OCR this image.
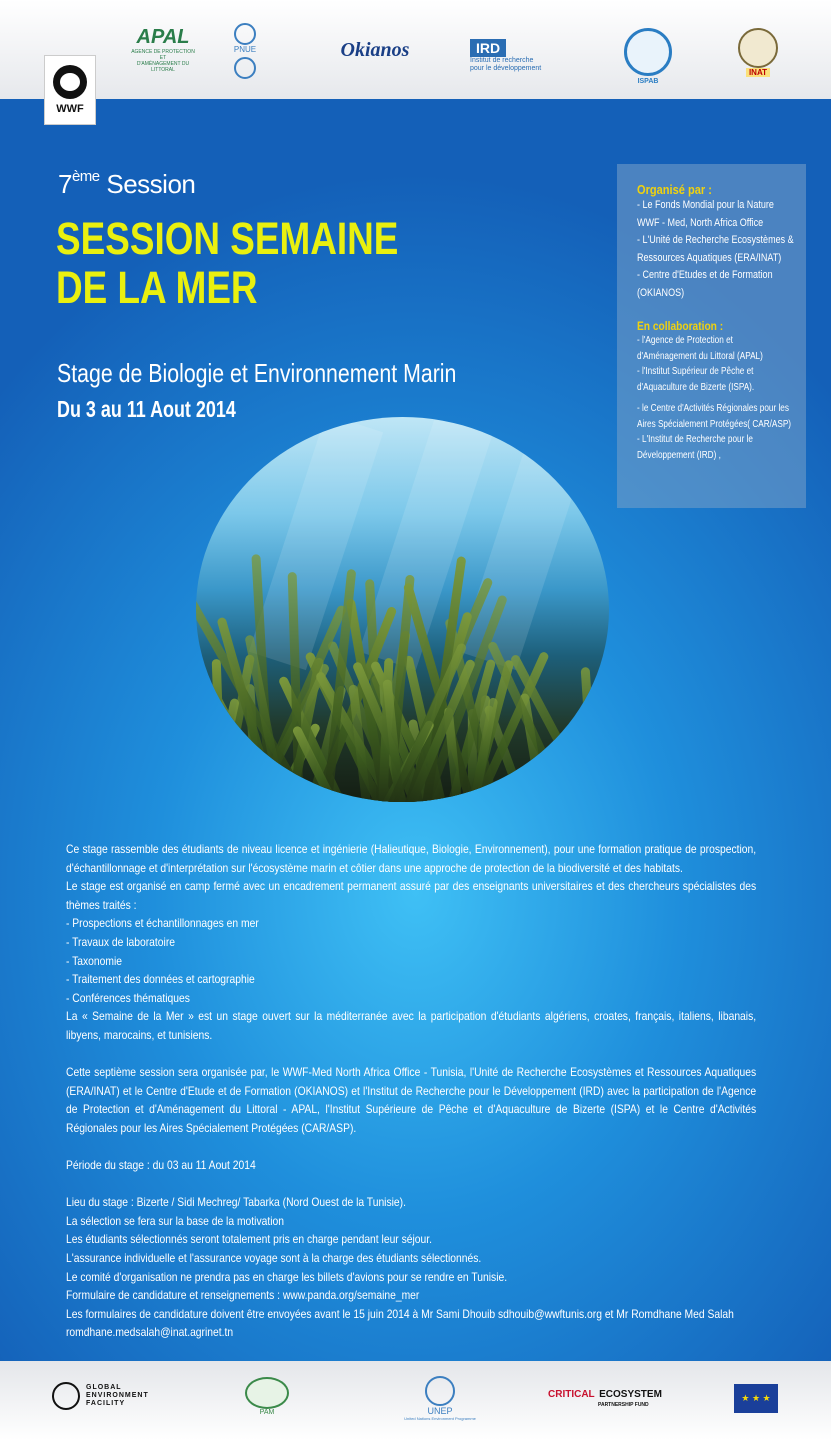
WWF
APAL
AGENCE DE PROTECTION ET
D'AMÉNAGEMENT DU LITTORAL
PNUE	Okianos	IRD
Institut de recherche
pour le développement
ISPAB
INAT
7ème Session
SESSION SEMAINE
DE LA MER
Stage de Biologie et Environnement Marin
Du 3 au 11 Aout 2014
Organisé par :
- Le Fonds Mondial pour la Nature
WWF - Med, North Africa Office
- L'Unité de Recherche Ecosystèmes &
Ressources Aquatiques (ERA/INAT)
- Centre d'Etudes et de Formation
(OKIANOS)
En collaboration :
- l'Agence de Protection et
d'Aménagement du Littoral (APAL)
- l'Institut Supérieur de Pêche et
d'Aquaculture de Bizerte (ISPA).
- le Centre d'Activités Régionales pour les
Aires Spécialement Protégées( CAR/ASP)
- L'Institut de Recherche pour le
Développement (IRD) ,

Ce stage rassemble des étudiants de niveau licence et ingénierie (Halieutique, Biologie, Environnement), pour une formation pratique de prospection, d'échantillonnage et d'interprétation sur l'écosystème marin et côtier dans une approche de protection de la biodiversité et des habitats.

Le stage est organisé en camp fermé avec un encadrement permanent assuré par des enseignants universitaires et des chercheurs spécialistes des thèmes traités :

- Prospections et échantillonnages en mer

- Travaux de laboratoire

- Taxonomie

- Traitement des données et cartographie

- Conférences thématiques

La « Semaine de la Mer » est un stage ouvert sur la méditerranée avec la participation d'étudiants algériens, croates, français, italiens, libanais, libyens, marocains, et tunisiens.

Cette septième session sera organisée par, le WWF-Med North Africa Office - Tunisia, l'Unité de Recherche Ecosystèmes et Ressources Aquatiques (ERA/INAT) et le Centre d'Etude et de Formation (OKIANOS) et l'Institut de Recherche pour le Développement (IRD) avec la participation de l'Agence de Protection et d'Aménagement du Littoral - APAL, l'Institut Supérieure de Pêche et d'Aquaculture de Bizerte (ISPA) et le Centre d'Activités Régionales pour les Aires Spécialement Protégées (CAR/ASP).

Période du stage : du 03 au 11 Aout 2014

Lieu du stage : Bizerte / Sidi Mechreg/ Tabarka (Nord Ouest de la Tunisie).

La sélection se fera sur la base de la motivation

Les étudiants sélectionnés seront totalement pris en charge pendant leur séjour.

L'assurance individuelle et l'assurance voyage sont à la charge des étudiants sélectionnés.

Le comité d'organisation ne prendra pas en charge les billets d'avions pour se rendre en Tunisie.

Formulaire de candidature et renseignements : www.panda.org/semaine_mer

Les formulaires de candidature doivent être envoyées avant le 15 juin 2014 à Mr Sami Dhouib sdhouib@wwftunis.org et Mr Romdhane Med Salah

romdhane.medsalah@inat.agrinet.tn

GLOBAL
ENVIRONMENT
FACILITY
PAM	UNEP
United Nations Environment Programme
CRITICAL ECOSYSTEM
PARTNERSHIP FUND
★ ★ ★
